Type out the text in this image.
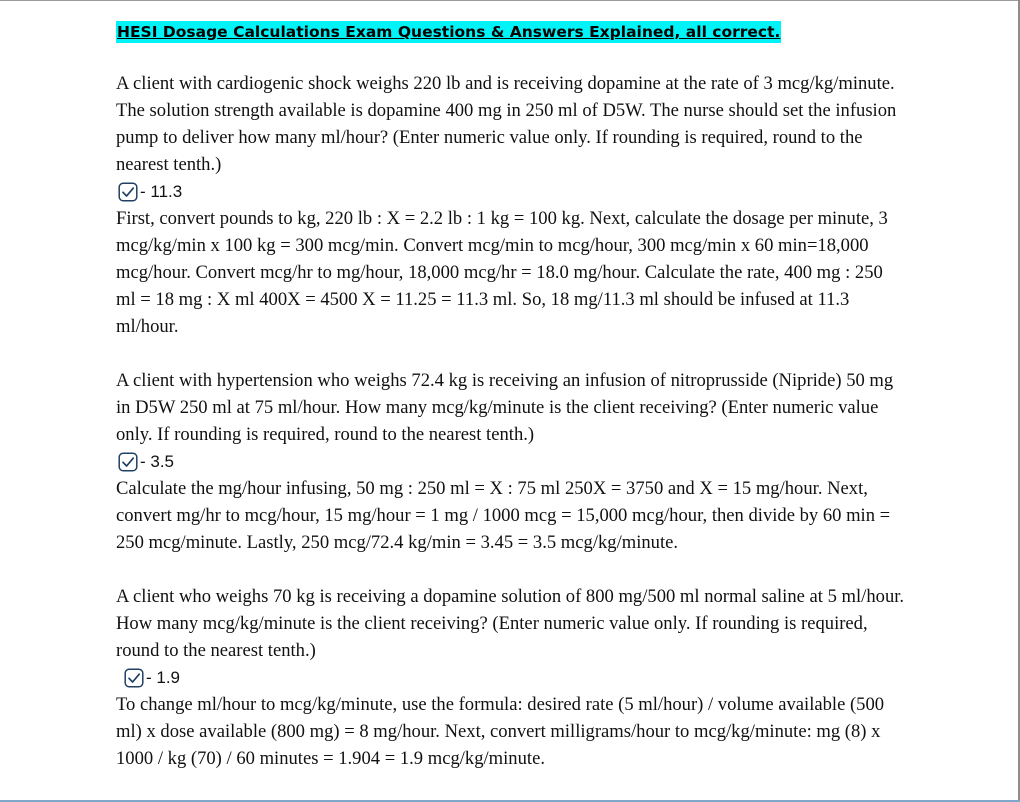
HESI Dosage Calculations Exam Questions & Answers Explained, all correct.

A client with cardiogenic shock weighs 220 lb and is receiving dopamine at the rate of 3 mcg/kg/minute. The solution strength available is dopamine 400 mg in 250 ml of D5W. The nurse should set the infusion pump to deliver how many ml/hour? (Enter numeric value only. If rounding is required, round to the nearest tenth.)

- 11.3

First, convert pounds to kg, 220 lb : X = 2.2 lb : 1 kg = 100 kg. Next, calculate the dosage per minute, 3 mcg/kg/min x 100 kg = 300 mcg/min. Convert mcg/min to mcg/hour, 300 mcg/min x 60 min=18,000 mcg/hour. Convert mcg/hr to mg/hour, 18,000 mcg/hr = 18.0 mg/hour. Calculate the rate, 400 mg : 250 ml = 18 mg : X ml 400X = 4500 X = 11.25 = 11.3 ml. So, 18 mg/11.3 ml should be infused at 11.3 ml/hour.

A client with hypertension who weighs 72.4 kg is receiving an infusion of nitroprusside (Nipride) 50 mg in D5W 250 ml at 75 ml/hour. How many mcg/kg/minute is the client receiving? (Enter numeric value only. If rounding is required, round to the nearest tenth.)

- 3.5

Calculate the mg/hour infusing, 50 mg : 250 ml = X : 75 ml 250X = 3750 and X = 15 mg/hour. Next, convert mg/hr to mcg/hour, 15 mg/hour = 1 mg / 1000 mcg = 15,000 mcg/hour, then divide by 60 min = 250 mcg/minute. Lastly, 250 mcg/72.4 kg/min = 3.45 = 3.5 mcg/kg/minute.

A client who weighs 70 kg is receiving a dopamine solution of 800 mg/500 ml normal saline at 5 ml/hour. How many mcg/kg/minute is the client receiving? (Enter numeric value only. If rounding is required, round to the nearest tenth.)

- 1.9

To change ml/hour to mcg/kg/minute, use the formula: desired rate (5 ml/hour) / volume available (500 ml) x dose available (800 mg) = 8 mg/hour. Next, convert milligrams/hour to mcg/kg/minute: mg (8) x 1000 / kg (70) / 60 minutes = 1.904 = 1.9 mcg/kg/minute.
